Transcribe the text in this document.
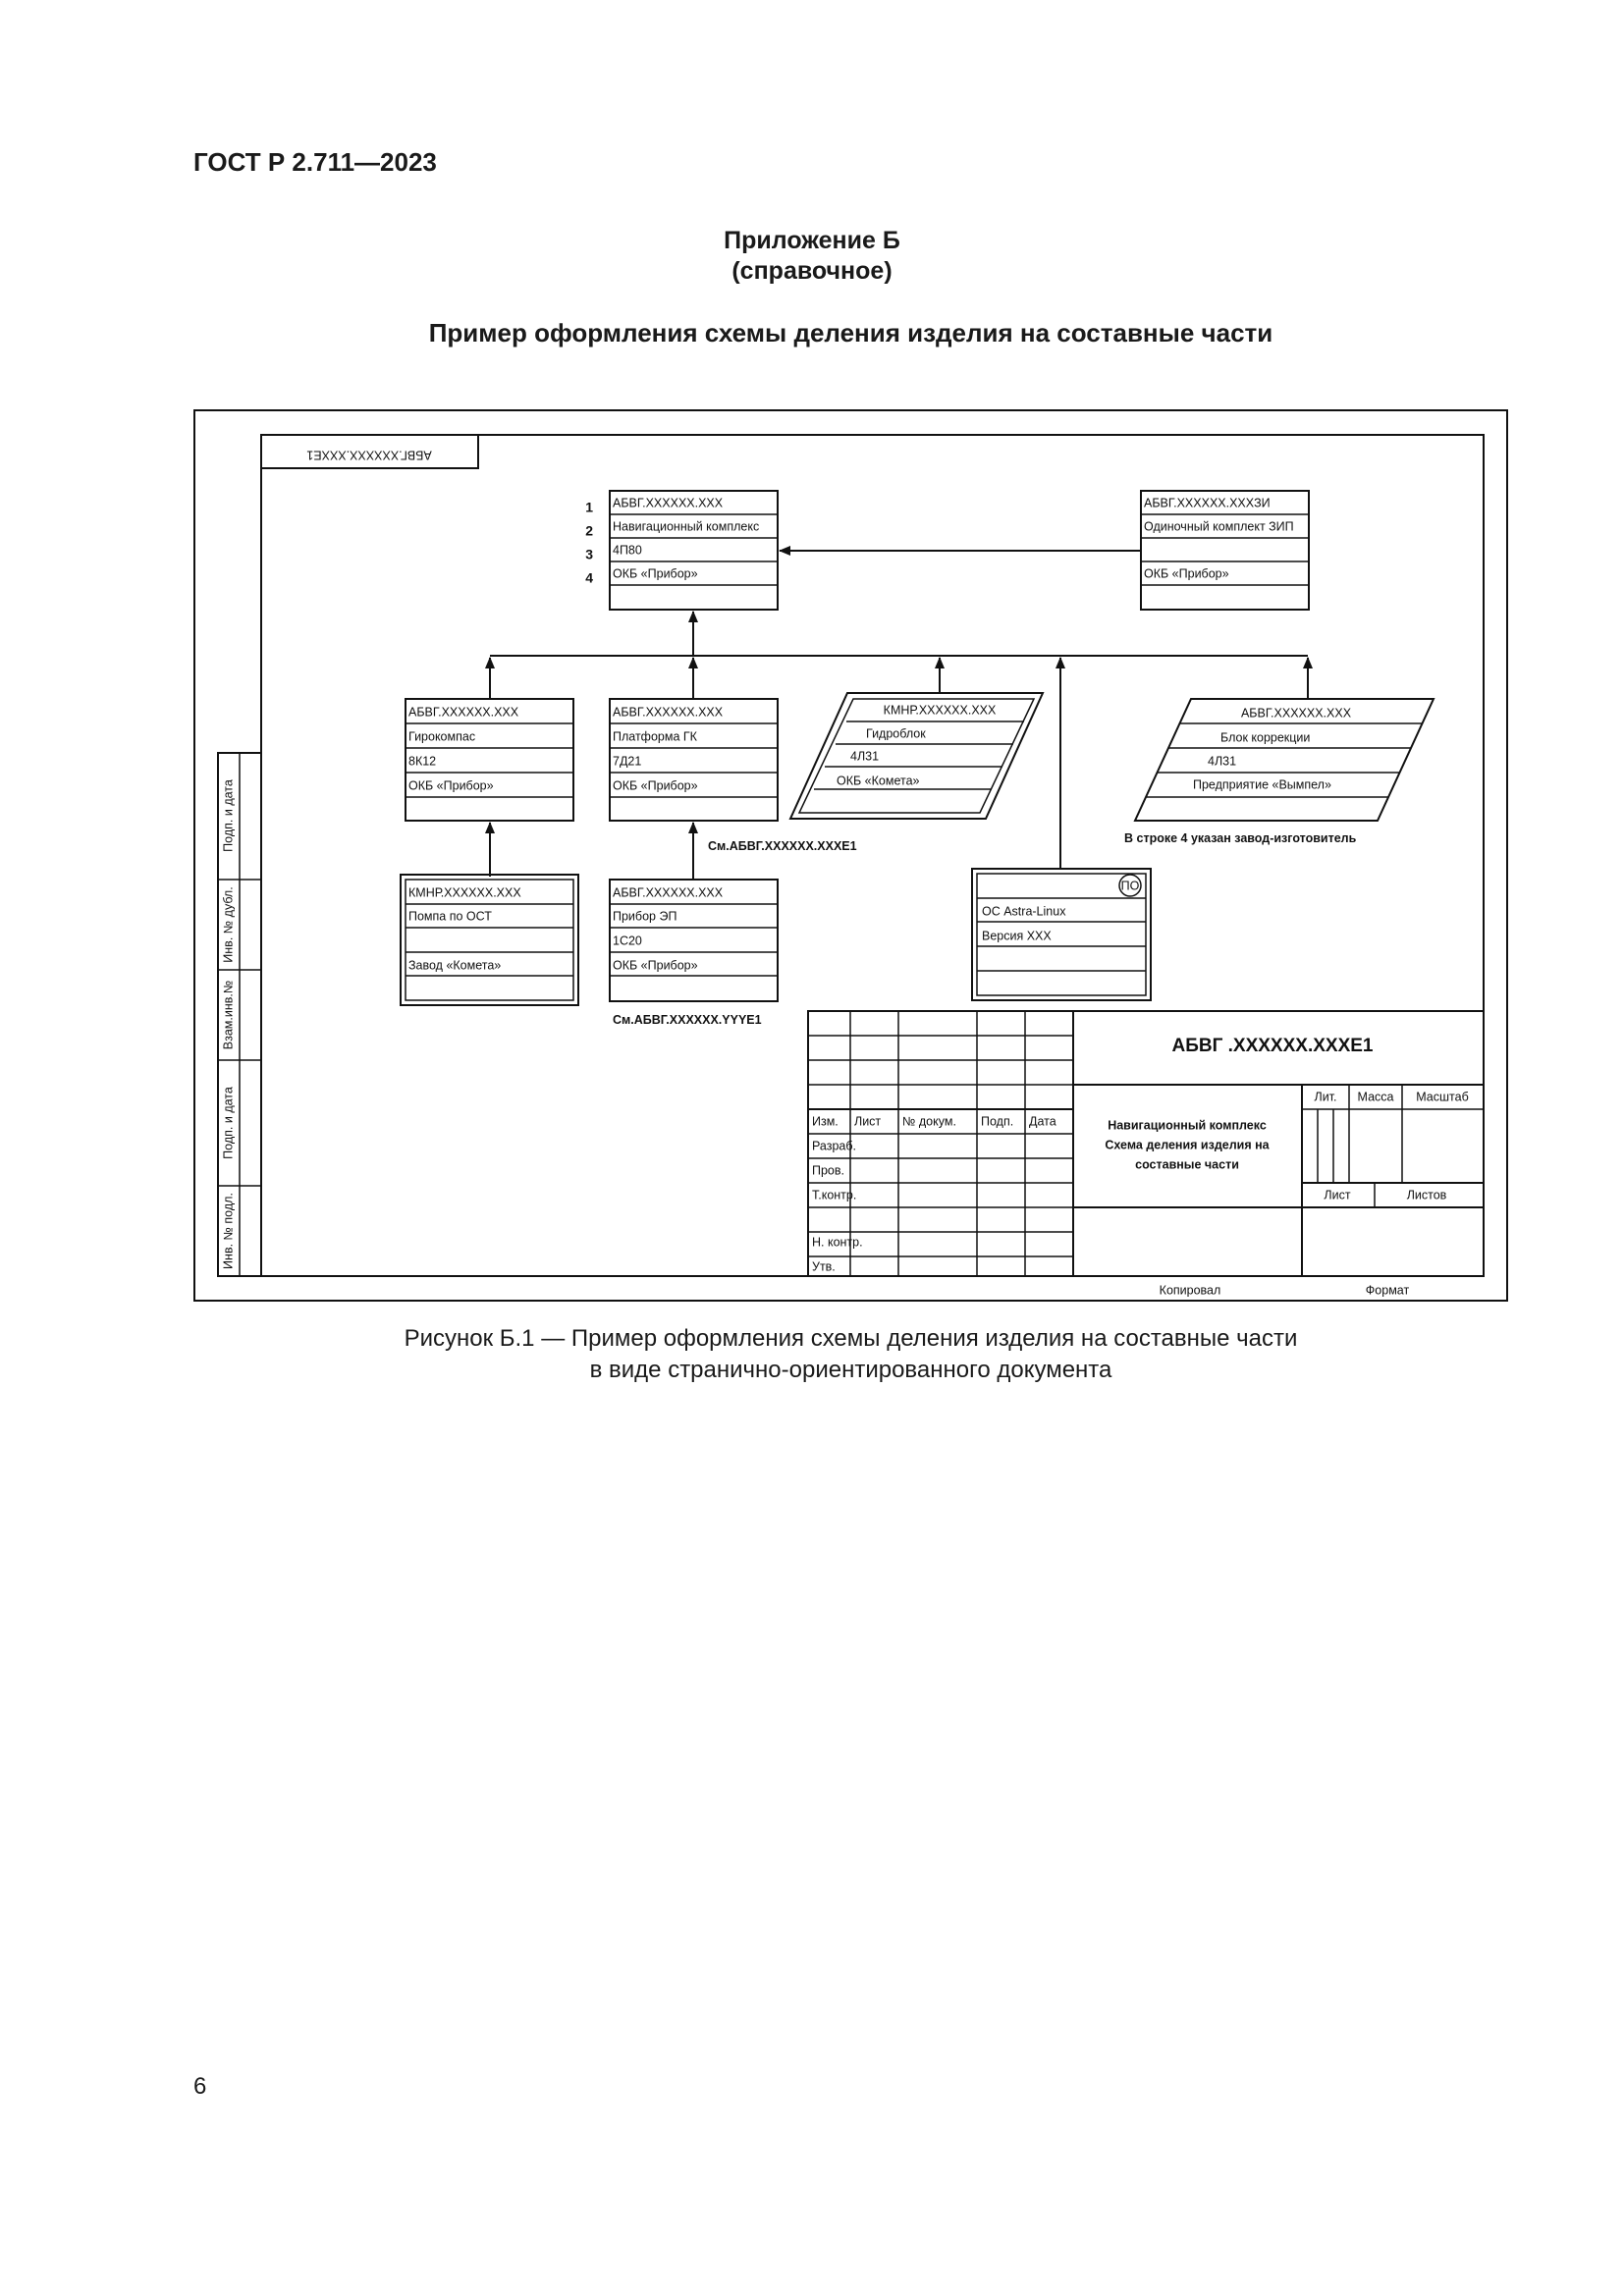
ГОСТ Р 2.711—2023
Приложение Б
(справочное)
Пример оформления схемы деления изделия на составные части
АБВГ.XXXXXX.XXXE1
Подп. и дата
Инв. № дубл.
Взам.инв.№
Подп. и дата
Инв. № подл.
1
2
3
4
АБВГ.XXXXXX.XXX
Навигационный комплекс
4П80
ОКБ «Прибор»
АБВГ.XXXXXX.XXXЗИ
Одиночный комплект ЗИП
ОКБ «Прибор»
АБВГ.XXXXXX.XXX
Гирокомпас
8К12
ОКБ «Прибор»
АБВГ.XXXXXX.XXX
Платформа ГК
7Д21
ОКБ «Прибор»
КМНР.XXXXXX.XXX
Гидроблок
4Л31
ОКБ «Комета»
АБВГ.XXXXXX.XXX
Блок коррекции
4Л31
Предприятие «Вымпел»
См.АБВГ.XXXXXX.XXXE1
В строке 4 указан завод-изготовитель
КМНР.XXXXXX.XXX
Помпа по ОСТ
Завод «Комета»
АБВГ.XXXXXX.XXX
Прибор ЭП
1С20
ОКБ «Прибор»
См.АБВГ.XXXXXX.YYYE1
ПО
ОС Astra-Linux
Версия XXX
АБВГ .XXXXXX.XXXE1
Навигационный комплекс
Схема деления изделия на
составные части
Изм. Лист № докум. Подп. Дата
Разраб.
Пров.
Т.контр.
Н. контр.
Утв.
Лит. Масса Масштаб
Лист	Листов
Копировал	Формат
Рисунок Б.1 — Пример оформления схемы деления изделия на составные части
в виде странично-ориентированного документа
6
